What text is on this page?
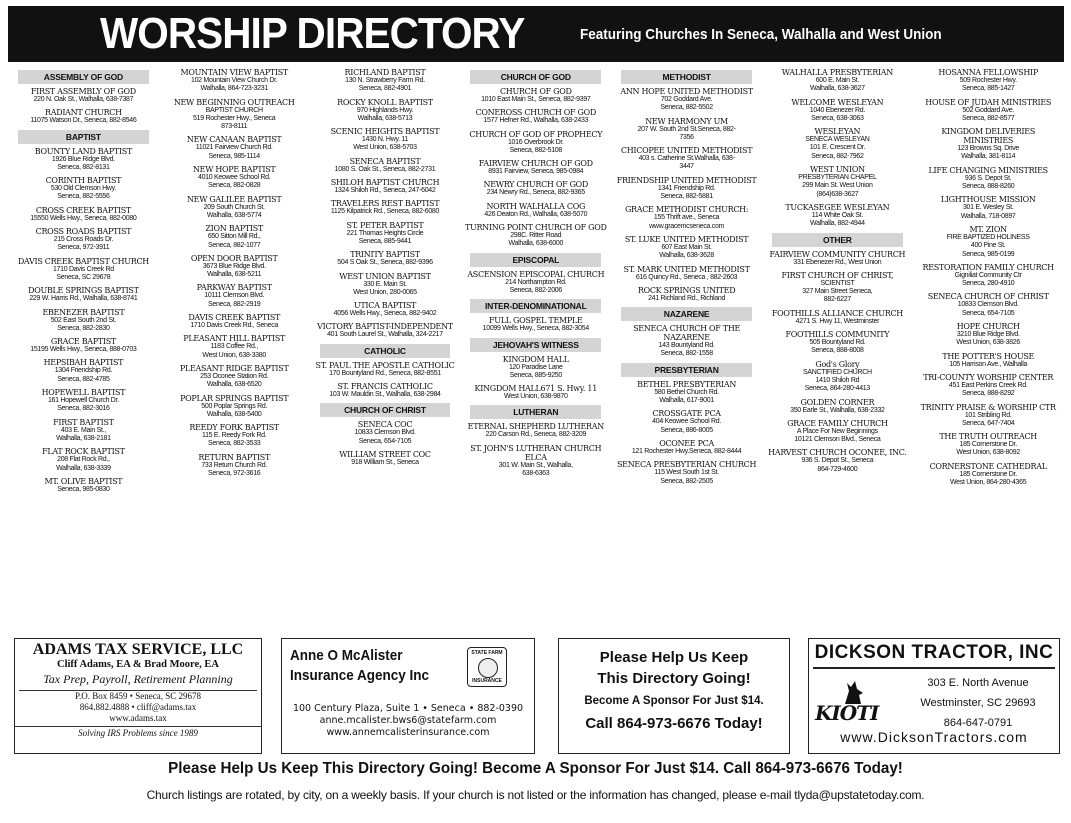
WORSHIP DIRECTORY	Featuring Churches In Seneca, Walhalla and West Union
ASSEMBLY OF GOD
FIRST ASSEMBLY OF GOD
220 N. Oak St., Walhalla, 638-7387
RADIANT CHURCH
11075 Watson Dr., Seneca, 882-8546
BAPTIST
BOUNTY LAND BAPTIST
1926 Blue Ridge Blvd.
Seneca, 882-8131
CORINTH BAPTIST
530 Old Clemson Hwy.
Seneca, 882-5556
CROSS CREEK BAPTIST
15550 Wells Hwy., Seneca, 882-0080
CROSS ROADS BAPTIST
215 Cross Roads Dr.
Seneca, 972-3911
DAVIS CREEK BAPTIST CHURCH
1710 Davis Creek Rd
Seneca, SC 29678
DOUBLE SPRINGS BAPTIST
229 W. Harris Rd., Walhalla, 638-8741
EBENEZER BAPTIST
502 East South 2nd St.
Seneca, 882-2830
GRACE BAPTIST
15195 Wells Hwy., Seneca, 888-0703
HEPSIBAH BAPTIST
1304 Friendship Rd.
Seneca, 882-4785
HOPEWELL BAPTIST
161 Hopewell Church Dr.
Seneca, 882-3016
FIRST BAPTIST
403 E. Main St.,
Walhalla, 638-2181
FLAT ROCK BAPTIST
208 Flat Rock Rd.,
Walhalla, 638-3339
MT. OLIVE BAPTIST
Seneca, 985-0830
MOUNTAIN VIEW BAPTIST
102 Mountain View Church Dr.
Walhalla, 864-723-3231
NEW BEGINNING OUTREACH
BAPTIST CHURCH
519 Rochester Hwy., Seneca
873-8111
NEW CANAAN BAPTIST
11021 Fairview Church Rd.
Seneca, 985-1114
NEW HOPE BAPTIST
4010 Keowee School Rd.
Seneca, 882-0828
NEW GALILEE BAPTIST
209 South Church St.
Walhalla, 638-5774
ZION BAPTIST
650 Sitton Mill Rd.,
Seneca, 882-1077
OPEN DOOR BAPTIST
3673 Blue Ridge Blvd.
Walhalla, 638-5211
PARKWAY BAPTIST
10111 Clemson Blvd.
Seneca, 882-2919
DAVIS CREEK BAPTIST
1710 Davis Creek Rd., Seneca
PLEASANT HILL BAPTIST
1183 Coffee Rd.,
West Union, 638-3380
PLEASANT RIDGE BAPTIST
253 Oconee Station Rd.
Walhalla, 638-6520
POPLAR SPRINGS BAPTIST
500 Poplar Springs Rd.
Walhalla, 638-5400
REEDY FORK BAPTIST
115 E. Reedy Fork Rd.
Seneca, 882-3533
RETURN BAPTIST
733 Return Church Rd.
Seneca, 972-3616
RICHLAND BAPTIST
130 N. Strawberry Farm Rd.
Seneca, 882-4901
ROCKY KNOLL BAPTIST
970 Highlands Hwy.
Walhalla, 638-5713
SCENIC HEIGHTS BAPTIST
1430 N. Hwy. 11
West Union, 638-5703
SENECA BAPTIST
1080 S. Oak St., Seneca, 882-2731
SHILOH BAPTIST CHURCH
1324 Shiloh Rd., Seneca, 247-6042
TRAVELERS REST BAPTIST
1125 Kilpatrick Rd., Seneca, 882-6080
ST. PETER BAPTIST
221 Thomas Heights Circle
Seneca, 885-9441
TRINITY BAPTIST
504 S Oak St., Seneca, 882-9396
WEST UNION BAPTIST
330 E. Main St.
West Union, 280-0065
UTICA BAPTIST
4056 Wells Hwy., Seneca, 882-9402
VICTORY BAPTIST-INDEPENDENT
401 South Laurel St., Walhalla, 324-2217
CATHOLIC
ST. PAUL THE APOSTLE CATHOLIC
170 Bountyland Rd., Seneca, 882-8551
ST. FRANCIS CATHOLIC
103 W. Mauldin St., Walhalla, 638-2984
CHURCH OF CHRIST
SENECA COC
10833 Clemson Blvd.
Seneca, 654-7105
WILLIAM STREET COC
918 William St., Seneca
CHURCH OF GOD
CHURCH OF GOD
1010 East Main St., Seneca, 882-9397
CONEROSS CHURCH OF GOD
1577 Hefner Rd., Walhalla, 638-2433
CHURCH OF GOD OF PROPHECY
1016 Overbrook Dr.
Seneca, 882-5108
FAIRVIEW CHURCH OF GOD
8931 Fairview, Seneca, 985-0984
NEWRY CHURCH OF GOD
234 Newry Rd., Seneca, 882-9365
NORTH WALHALLA COG
426 Deaton Rd., Walhalla, 638-5070
TURNING POINT CHURCH OF GOD
298C. Ritter Road
Walhalla, 638-6000
EPISCOPAL
ASCENSION EPISCOPAL CHURCH
214 Northampton Rd.
Seneca, 882-2006
INTER-DENOMINATIONAL
FULL GOSPEL TEMPLE
10099 Wells Hwy., Seneca, 882-3054
JEHOVAH'S WITNESS
KINGDOM HALL
120 Paradise Lane
Seneca, 885-9250
KINGDOM HALL671 S. Hwy. 11
West Union, 638-9870
LUTHERAN
ETERNAL SHEPHERD LUTHERAN
220 Carson Rd., Seneca, 882-3209
ST. JOHN'S LUTHERAN CHURCH ELCA
301 W. Main St., Walhalla,
638-6363
METHODIST
ANN HOPE UNITED METHODIST
702 Goddard Ave.
Seneca, 882-5502
NEW HARMONY UM
207 W. South 2nd St.Seneca, 882-
7356
CHICOPEE UNITED METHODIST
403 s. Catherine St.Walhalla, 638-
3447
FRIENDSHIP UNITED METHODIST
1341 Friendship Rd.
Seneca, 882-5881
GRACE METHODIST CHURCH:
155 Thrift ave., Seneca
www.gracemcseneca.com
ST. LUKE UNITED METHODIST
607 East Main St.
Walhalla, 638-3628
ST. MARK UNITED METHODIST
616 Quincy Rd., Seneca , 882-2603
ROCK SPRINGS UNITED
241 Richland Rd., Richland
NAZARENE
SENECA CHURCH OF THE NAZARENE
143 Bountyland Rd.
Seneca, 882-1558
PRESBYTERIAN
BETHEL PRESBYTERIAN
580 Bethel Church Rd.
Walhalla, 617-9001
CROSSGATE PCA
404 Keowee School Rd.
Seneca, 886-8005
OCONEE PCA
121 Rochester Hwy.Seneca, 882-8444
SENECA PRESBYTERIAN CHURCH
115 West South 1st St.
Seneca, 882-2505
WALHALLA PRESBYTERIAN
600 E. Main St.
Walhalla, 638-3627
WELCOME WESLEYAN
1040 Ebenezer Rd.
Seneca, 638-3063
WESLEYAN
SENECA WESLEYAN
101 E. Crescent Dr.
Seneca, 882-7962
WEST UNION
PRESBYTERIAN CHAPEL
299 Main St. West Union
(864)638-3627
TUCKASEGEE WESLEYAN
114 White Oak St.
Walhalla, 882-4944
OTHER
FAIRVIEW COMMUNITY CHURCH
331 Ebenezer Rd., West Union
FIRST CHURCH OF CHRIST,
SCIENTIST
327 Main Street Seneca,
882-6227
FOOTHILLS ALLIANCE CHURCH
4271 S. Hwy 11, Westminster
FOOTHILLS COMMUNITY
505 Bountyland Rd.
Seneca, 888-8008
God's Glory
SANCTIFIED CHURCH
1410 Shiloh Rd
Seneca, 864-280-4413
GOLDEN CORNER
350 Earle St., Walhalla, 638-2332
GRACE FAMILY CHURCH
A Place For New Beginnings
10121 Clemson Blvd., Seneca
HARVEST CHURCH OCONEE, INC.
936 S. Depot St., Seneca
864-729-4600
HOSANNA FELLOWSHIP
509 Rochester Hwy.
Seneca, 885-1427
HOUSE OF JUDAH MINISTRIES
502 Goddard Ave.
Seneca, 882-8577
KINGDOM DELIVERIES MINISTRIES
123 Browns Sq. Drive
Walhalla, 381-8114
LIFE CHANGING MINISTRIES
936 S. Depot St.
Seneca, 888-8260
LIGHTHOUSE MISSION
301 E. Wesley St.
Walhalla, 718-0897
MT. ZION
FIRE BAPTIZED HOLINESS
400 Pine St.
Seneca, 985-0199
RESTORATION FAMILY CHURCH
Gigniliat Community Ctr
Seneca, 280-4910
SENECA CHURCH OF CHRIST
10833 Clemson Blvd.
Seneca, 654-7105
HOPE CHURCH
3210 Blue Ridge Blvd.
West Union, 638-3826
THE POTTER'S HOUSE
105 Harrison Ave., Walhalla
TRI-COUNTY WORSHIP CENTER
451 East Perkins Creek Rd.
Seneca, 888-8292
TRINITY PRAISE & WORSHIP CTR
101 Stribling Rd.
Seneca, 647-7404
THE TRUTH OUTREACH
185 Cornerstone Dr.
West Union, 638-8092
CORNERSTONE CATHEDRAL
185 Cornerstone Dr.
West Union, 864-280-4365
ADAMS TAX SERVICE, LLC
Cliff Adams, EA & Brad Moore, EA
Tax Prep, Payroll, Retirement Planning
P.O. Box 8459 • Seneca, SC 29678
864.882.4888 • cliff@adams.tax
www.adams.tax
Solving IRS Problems since 1989
Anne O McAlister
Insurance Agency Inc
STATE FARM
INSURANCE
100 Century Plaza, Suite 1 • Seneca • 882-0390
anne.mcalister.bws6@statefarm.com
www.annemcalisterinsurance.com
Please Help Us Keep
This Directory Going!
Become A Sponsor For Just $14.
Call 864-973-6676 Today!
DICKSON TRACTOR, INC
KIOTI
303 E. North Avenue
Westminster, SC 29693
864-647-0791
www.DicksonTractors.com
Please Help Us Keep This Directory Going! Become A Sponsor For Just $14. Call 864-973-6676 Today!
Church listings are rotated, by city, on a weekly basis. If your church is not listed or the information has changed, please e-mail tlyda@upstatetoday.com.
